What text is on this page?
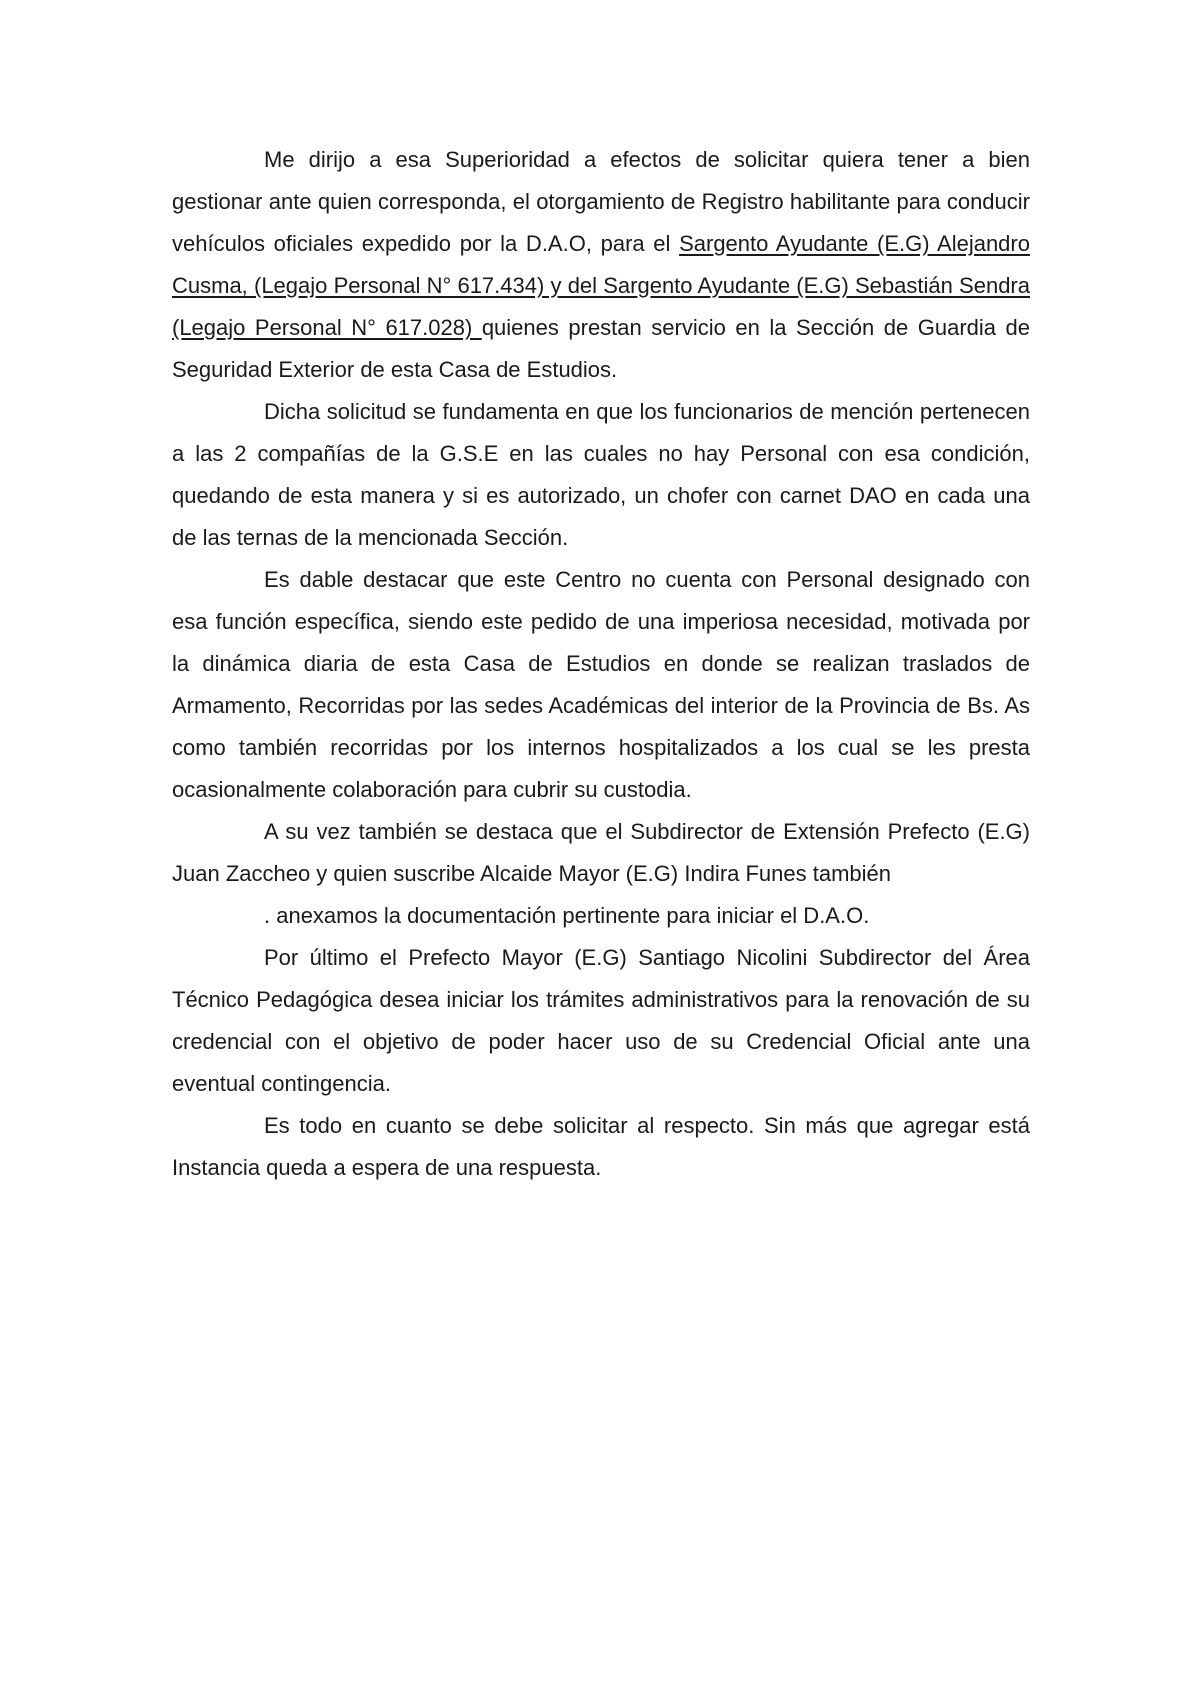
Me dirijo a esa Superioridad a efectos de solicitar quiera tener a bien gestionar ante quien corresponda, el otorgamiento de Registro habilitante para conducir vehículos oficiales expedido por la D.A.O, para el Sargento Ayudante (E.G) Alejandro Cusma, (Legajo Personal N° 617.434) y del Sargento Ayudante (E.G) Sebastián Sendra (Legajo Personal N° 617.028) quienes prestan servicio en la Sección de Guardia de Seguridad Exterior de esta Casa de Estudios.

Dicha solicitud se fundamenta en que los funcionarios de mención pertenecen a las 2 compañías de la G.S.E en las cuales no hay Personal con esa condición, quedando de esta manera y si es autorizado, un chofer con carnet DAO en cada una de las ternas de la mencionada Sección.

Es dable destacar que este Centro no cuenta con Personal designado con esa función específica, siendo este pedido de una imperiosa necesidad, motivada por la dinámica diaria de esta Casa de Estudios en donde se realizan traslados de Armamento, Recorridas por las sedes Académicas del interior de la Provincia de Bs. As como también recorridas por los internos hospitalizados a los cual se les presta ocasionalmente colaboración para cubrir su custodia.

A su vez también se destaca que el Subdirector de Extensión Prefecto (E.G) Juan Zaccheo y quien suscribe Alcaide Mayor (E.G) Indira Funes también

. anexamos la documentación pertinente para iniciar el D.A.O.

Por último el Prefecto Mayor (E.G) Santiago Nicolini Subdirector del Área Técnico Pedagógica desea iniciar los trámites administrativos para la renovación de su credencial con el objetivo de poder hacer uso de su Credencial Oficial ante una eventual contingencia.

Es todo en cuanto se debe solicitar al respecto. Sin más que agregar está Instancia queda a espera de una respuesta.
